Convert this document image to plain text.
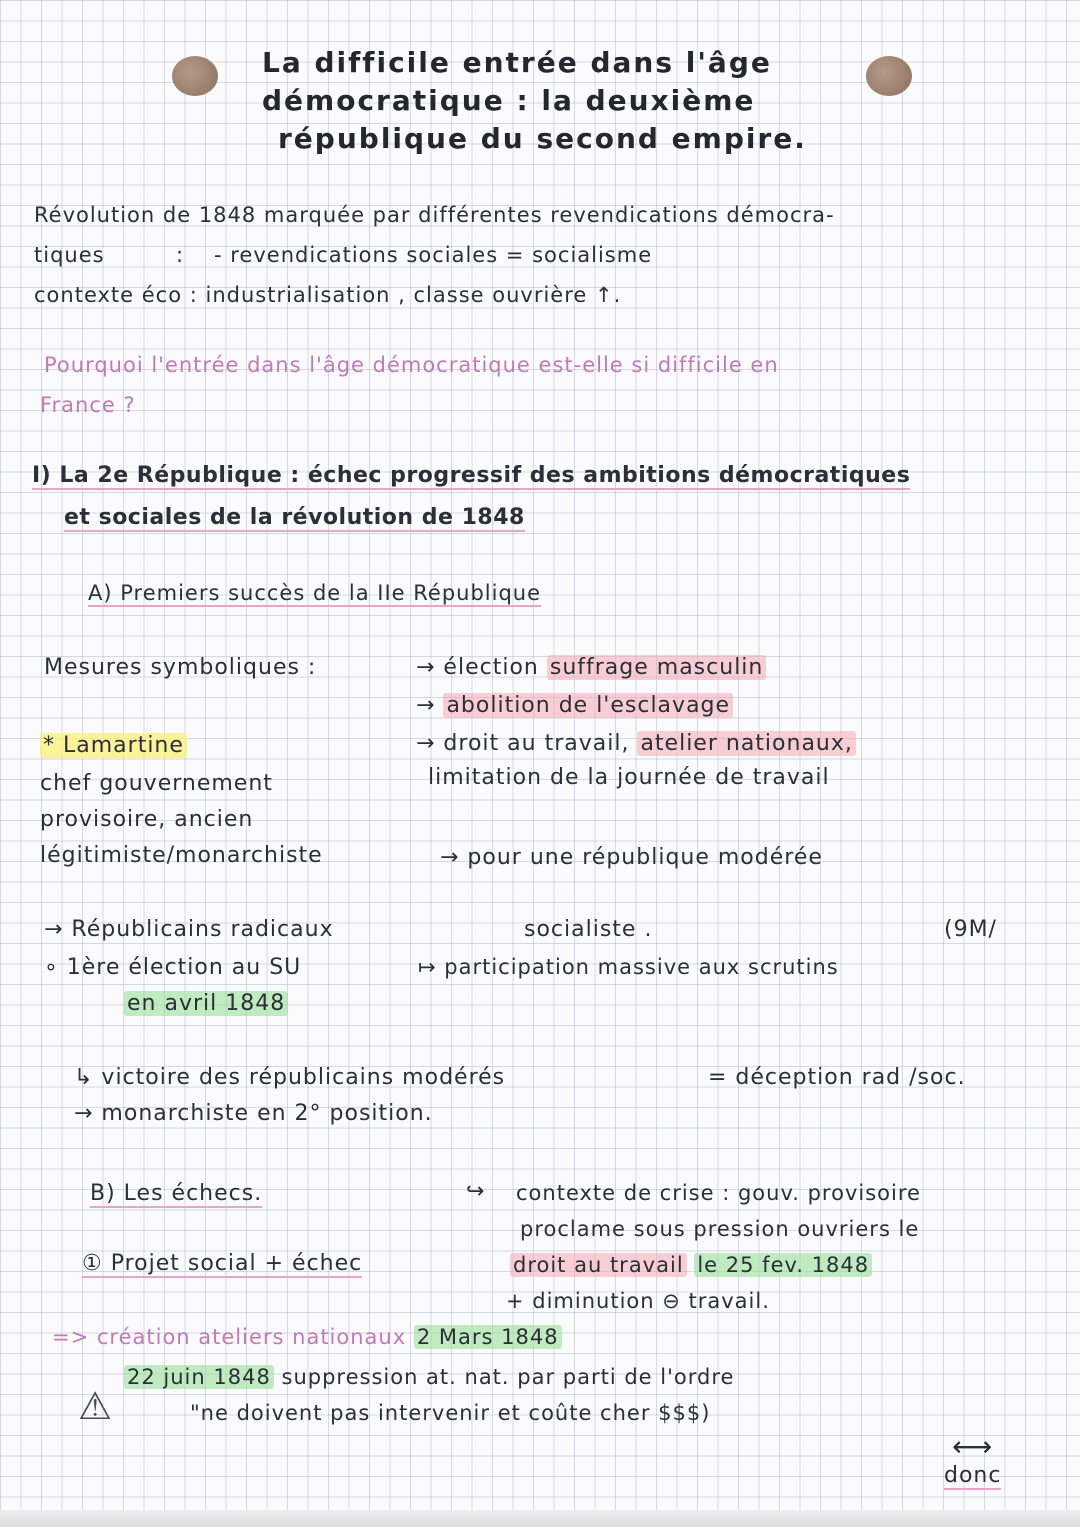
La difficile entrée dans l'âge
démocratique : la deuxième
république du second empire.
Révolution de 1848 marquée par différentes revendications démocra-
tiques	: - revendications sociales = socialisme
contexte éco : industrialisation , classe ouvrière ↑.
Pourquoi l'entrée dans l'âge démocratique est-elle si difficile en
France ?
I) La 2e République : échec progressif des ambitions démocratiques
et sociales de la révolution de 1848
A) Premiers succès de la IIe République
Mesures symboliques :	→ élection suffrage masculin
→ abolition de l'esclavage
→ droit au travail, atelier nationaux,
limitation de la journée de travail
* Lamartine
chef gouvernement
provisoire, ancien
légitimiste/monarchiste	→ pour une république modérée
→ Républicains radicaux	socialiste .	(9M/
∘ 1ère élection au SU	↦ participation massive aux scrutins
en avril 1848
↳ victoire des républicains modérés	= déception rad /soc.
→ monarchiste en 2° position.
B) Les échecs.
① Projet social + échec
↪ contexte de crise : gouv. provisoire
proclame sous pression ouvriers le
droit au travail le 25 fev. 1848
+ diminution ⊖ travail.
=> création ateliers nationaux 2 Mars 1848
22 juin 1848 suppression at. nat. par parti de l'ordre
⚠	"ne doivent pas intervenir et coûte cher $$$)
⟷
donc
